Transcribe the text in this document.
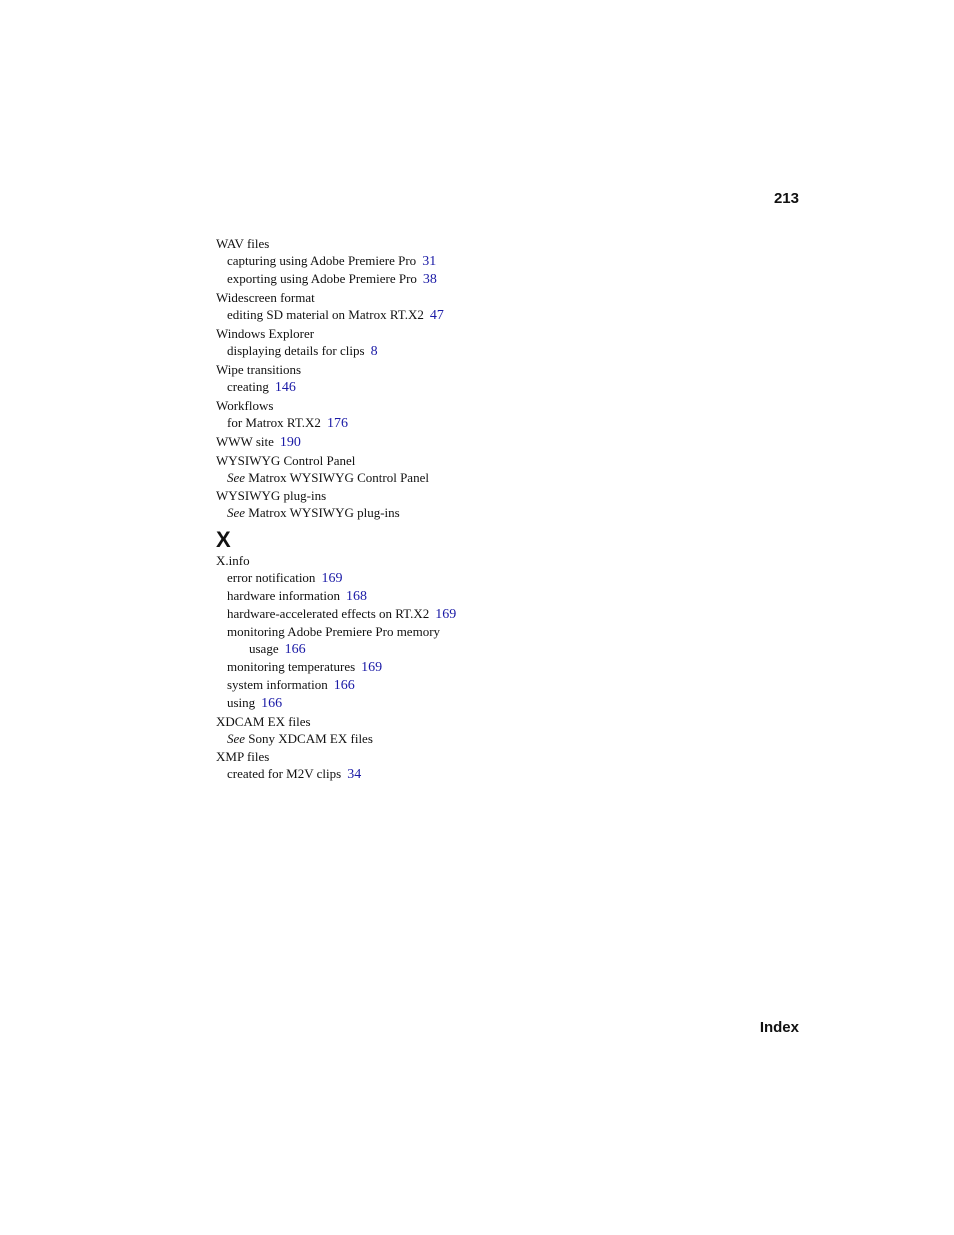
213
WAV files
capturing using Adobe Premiere Pro 31
exporting using Adobe Premiere Pro 38
Widescreen format
editing SD material on Matrox RT.X2 47
Windows Explorer
displaying details for clips 8
Wipe transitions
creating 146
Workflows
for Matrox RT.X2 176
WWW site 190
WYSIWYG Control Panel
See Matrox WYSIWYG Control Panel
WYSIWYG plug-ins
See Matrox WYSIWYG plug-ins
X
X.info
error notification 169
hardware information 168
hardware-accelerated effects on RT.X2 169
monitoring Adobe Premiere Pro memory
usage 166
monitoring temperatures 169
system information 166
using 166
XDCAM EX files
See Sony XDCAM EX files
XMP files
created for M2V clips 34
Index
